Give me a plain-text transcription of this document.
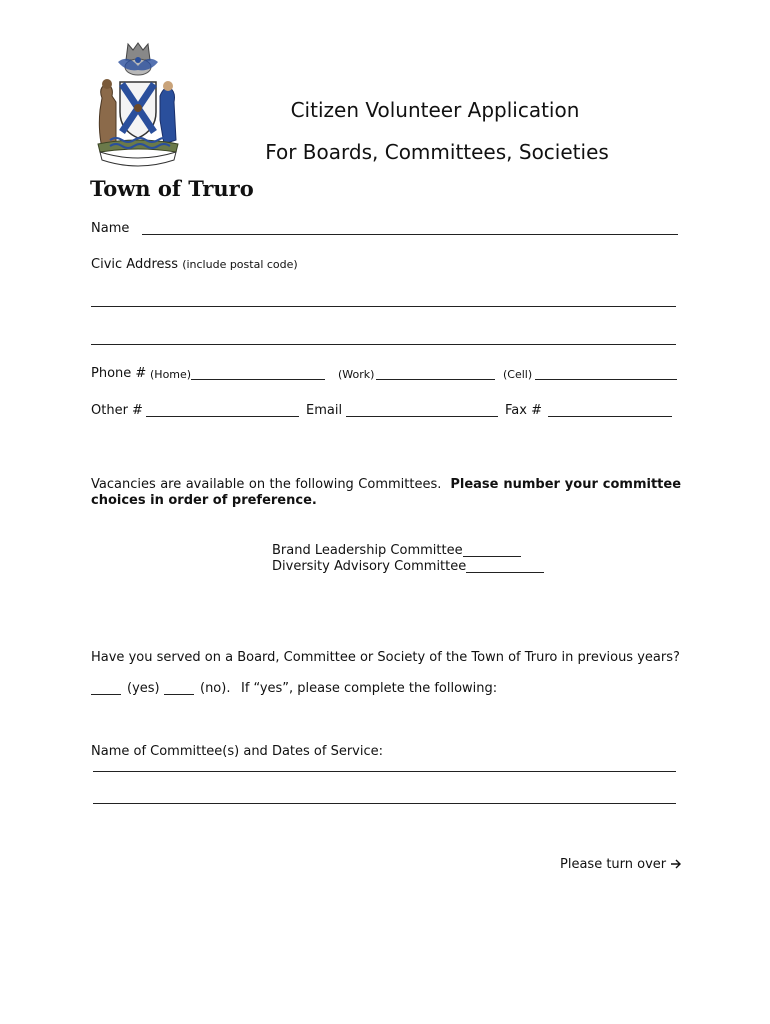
Citizen Volunteer Application
For Boards, Committees, Societies
Town of Truro
Name
Civic Address (include postal code)
Phone # (Home)	(Work)	(Cell)
Other #	Email	Fax #
Vacancies are available on the following Committees. Please number your committee choices in order of preference.
Brand Leadership Committee
Diversity Advisory Committee
Have you served on a Board, Committee or Society of the Town of Truro in previous years?
(yes)	(no). If “yes”, please complete the following:
Name of Committee(s) and Dates of Service:
Please turn over
